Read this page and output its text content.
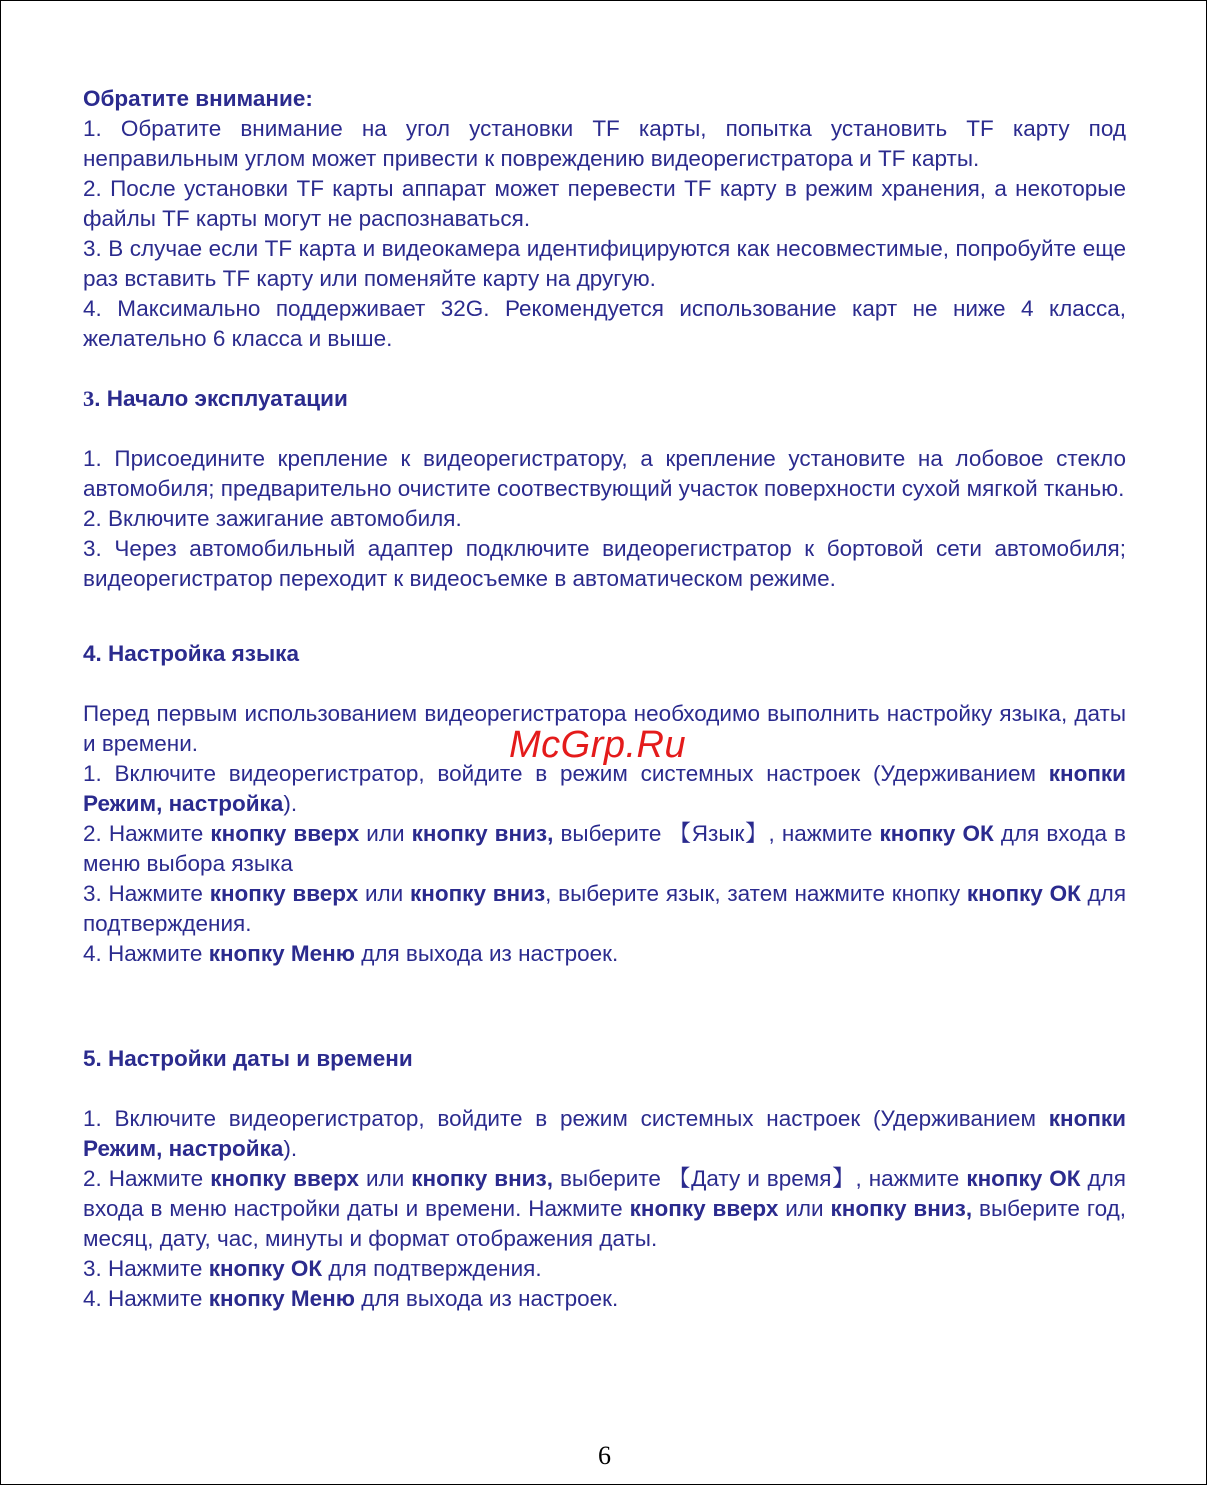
Обратите внимание:

1. Обратите внимание на угол установки TF карты, попытка установить TF карту под неправильным углом может привести к повреждению видеорегистратора и TF карты.

2. После установки TF карты аппарат может перевести TF карту в режим хранения, а некоторые файлы TF карты могут не распознаваться.

3. В случае если TF карта и видеокамера идентифицируются как несовместимые, попробуйте еще раз вставить TF карту или поменяйте карту на другую.

4. Максимально поддерживает 32G. Рекомендуется использование карт не ниже 4 класса, желательно 6 класса и выше.

3. Начало эксплуатации

1. Присоедините крепление к видеорегистратору, а крепление установите на лобовое стекло автомобиля; предварительно очистите соотвествующий участок поверхности сухой мягкой тканью.

2. Включите зажигание автомобиля.

3. Через автомобильный адаптер подключите видеорегистратор к бортовой сети автомобиля; видеорегистратор переходит к видеосъемке в автоматическом режиме.

4. Настройка языка

Перед первым использованием видеорегистратора необходимо выполнить настройку языка, даты и времени.

1. Включите видеорегистратор, войдите в режим системных настроек (Удерживанием кнопки Режим, настройка).

2. Нажмите кнопку вверх или кнопку вниз, выберите 【Язык】, нажмите кнопку ОК для входа в меню выбора языка

3. Нажмите кнопку вверх или кнопку вниз, выберите язык, затем нажмите кнопку кнопку ОК для подтверждения.

4. Нажмите кнопку Меню для выхода из настроек.

5. Настройки даты и времени

1. Включите видеорегистратор, войдите в режим системных настроек (Удерживанием кнопки Режим, настройка).

2. Нажмите кнопку вверх или кнопку вниз, выберите 【Дату и время】, нажмите кнопку ОК для входа в меню настройки даты и времени. Нажмите кнопку вверх или кнопку вниз, выберите год, месяц, дату, час, минуты и формат отображения даты.

3. Нажмите кнопку ОК для подтверждения.

4. Нажмите кнопку Меню для выхода из настроек.

McGrp.Ru
6
